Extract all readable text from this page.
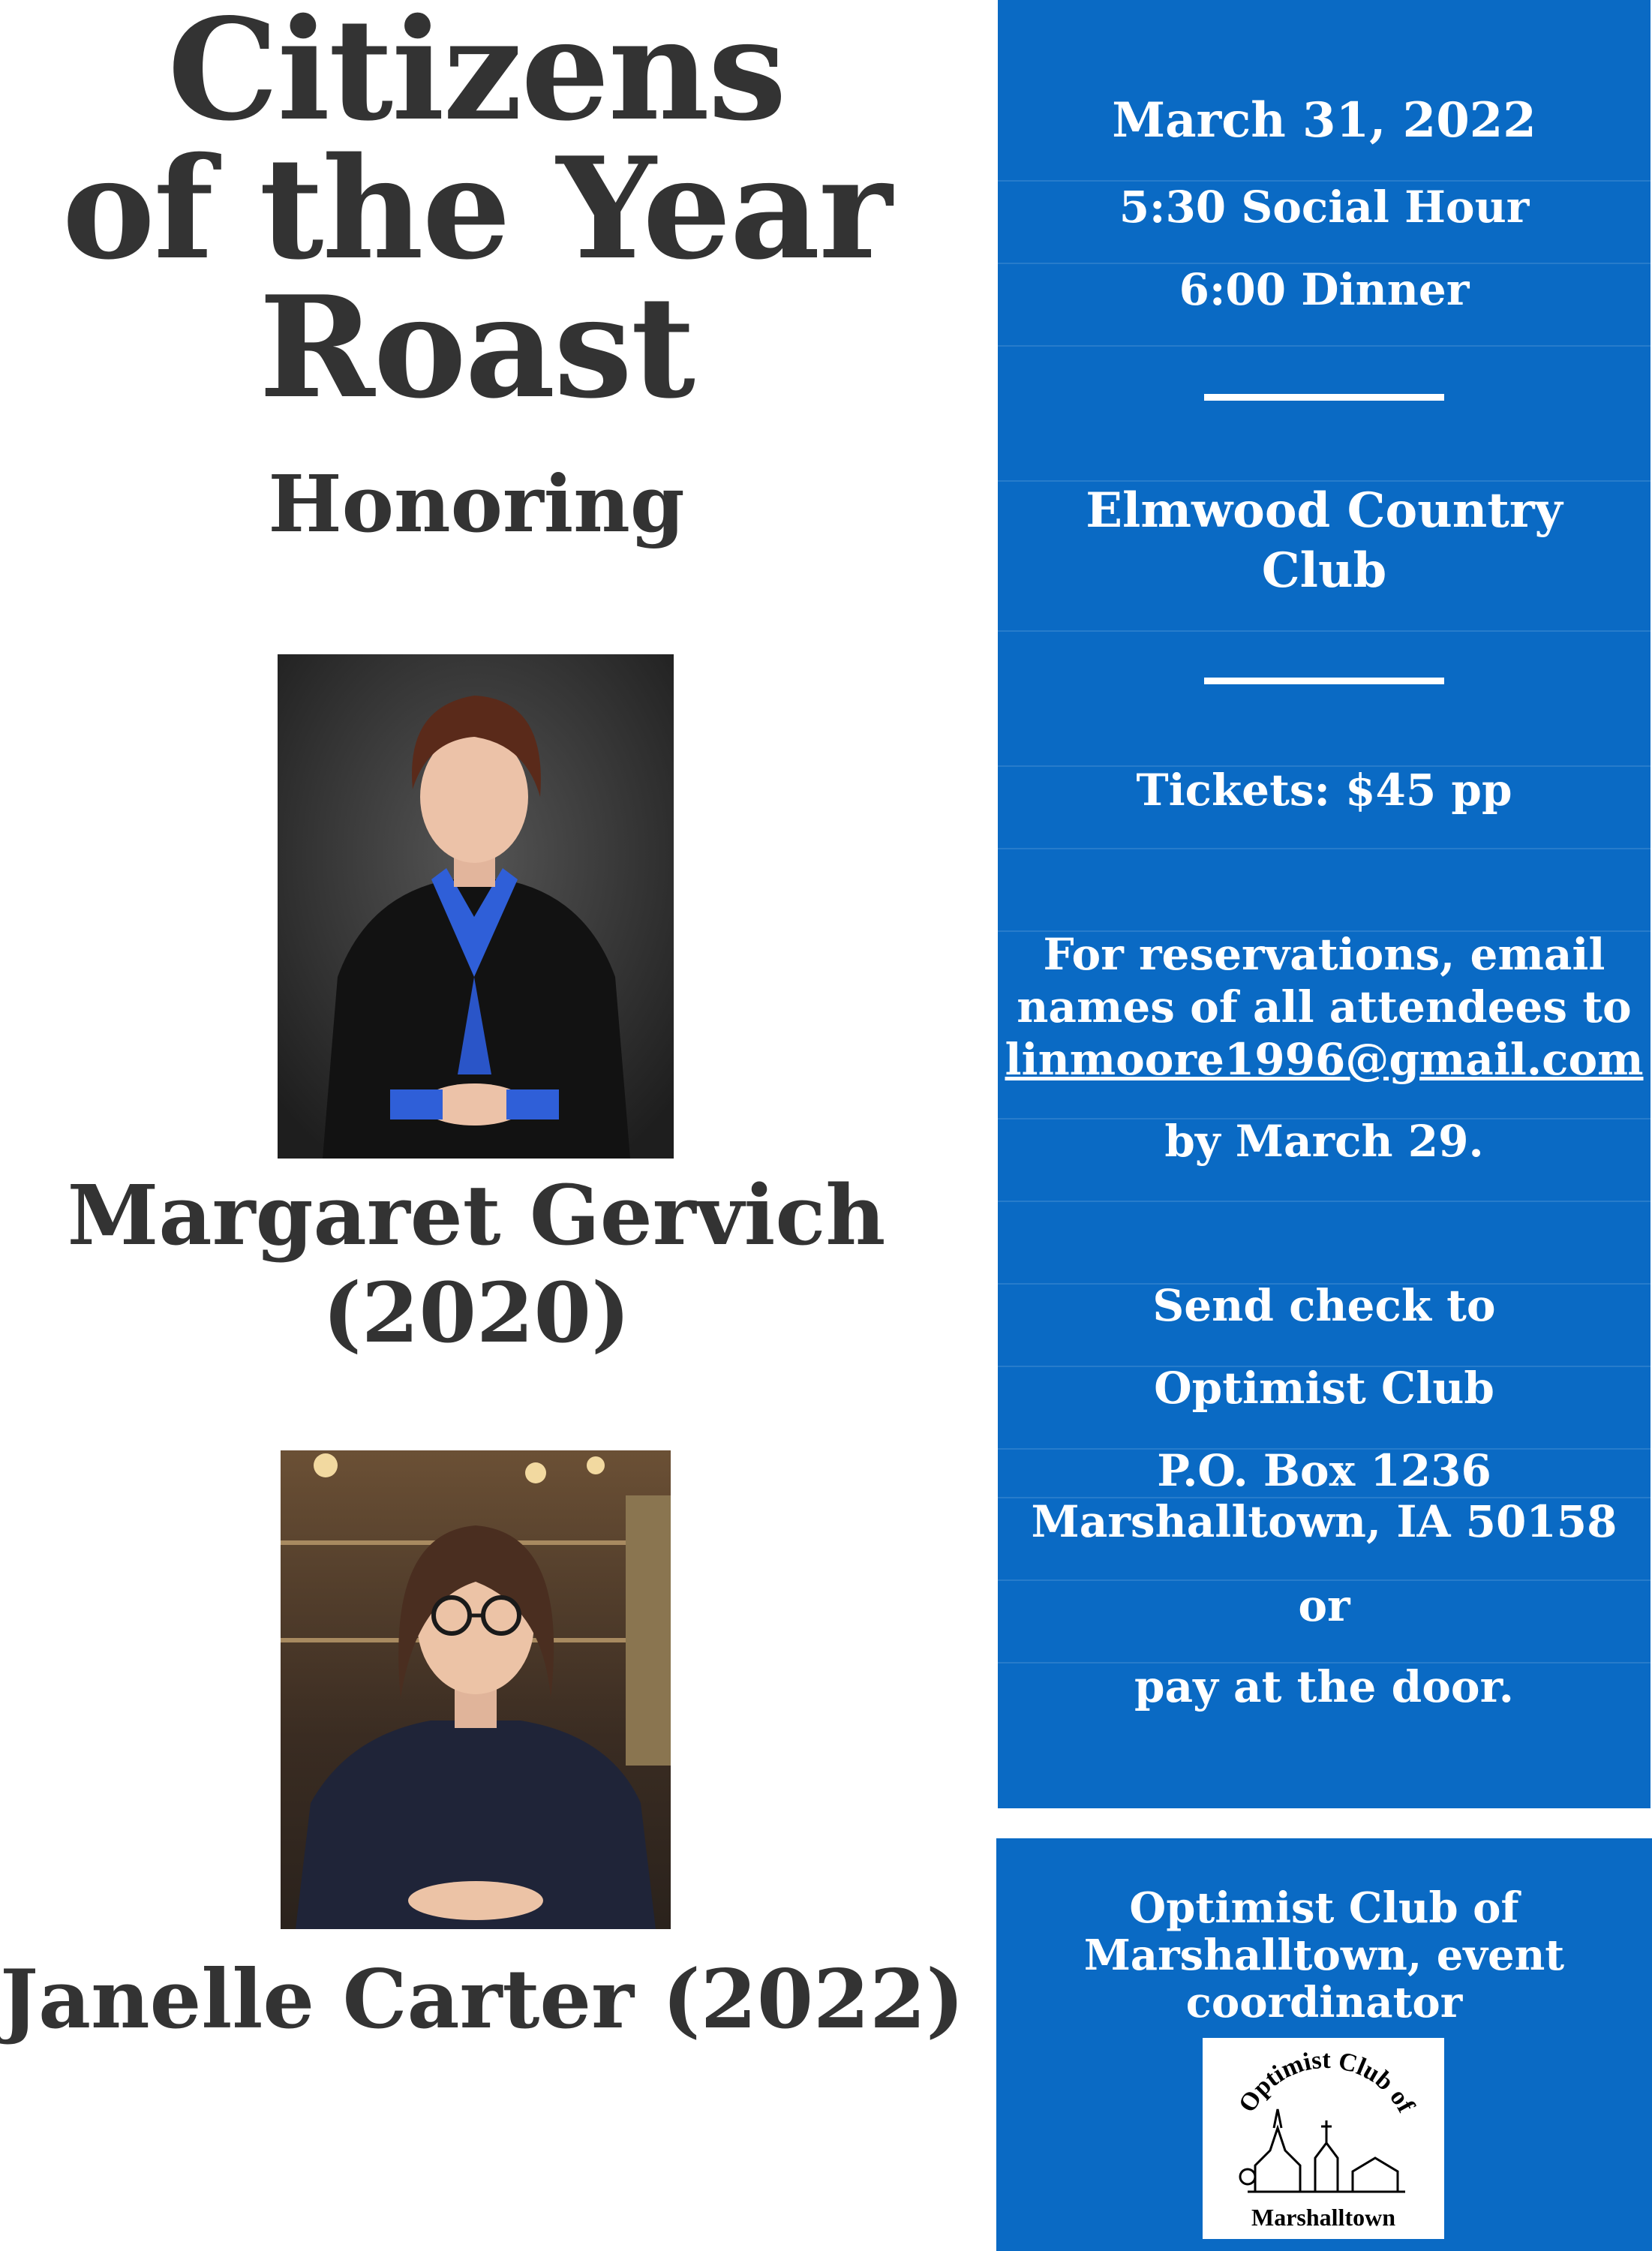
Citizens
of the Year
Roast
Honoring
Margaret Gervich
(2020)
Janelle Carter (2022)
March 31, 2022
5:30 Social Hour
6:00 Dinner
Elmwood Country
Club
Tickets: $45 pp
For reservations, email
names of all attendees to
linmoore1996@gmail.com
by March 29.
Send check to
Optimist Club
P.O. Box 1236
Marshalltown, IA 50158
or
pay at the door.
Optimist Club of
Marshalltown, event
coordinator
Optimist Club of
Marshalltown
